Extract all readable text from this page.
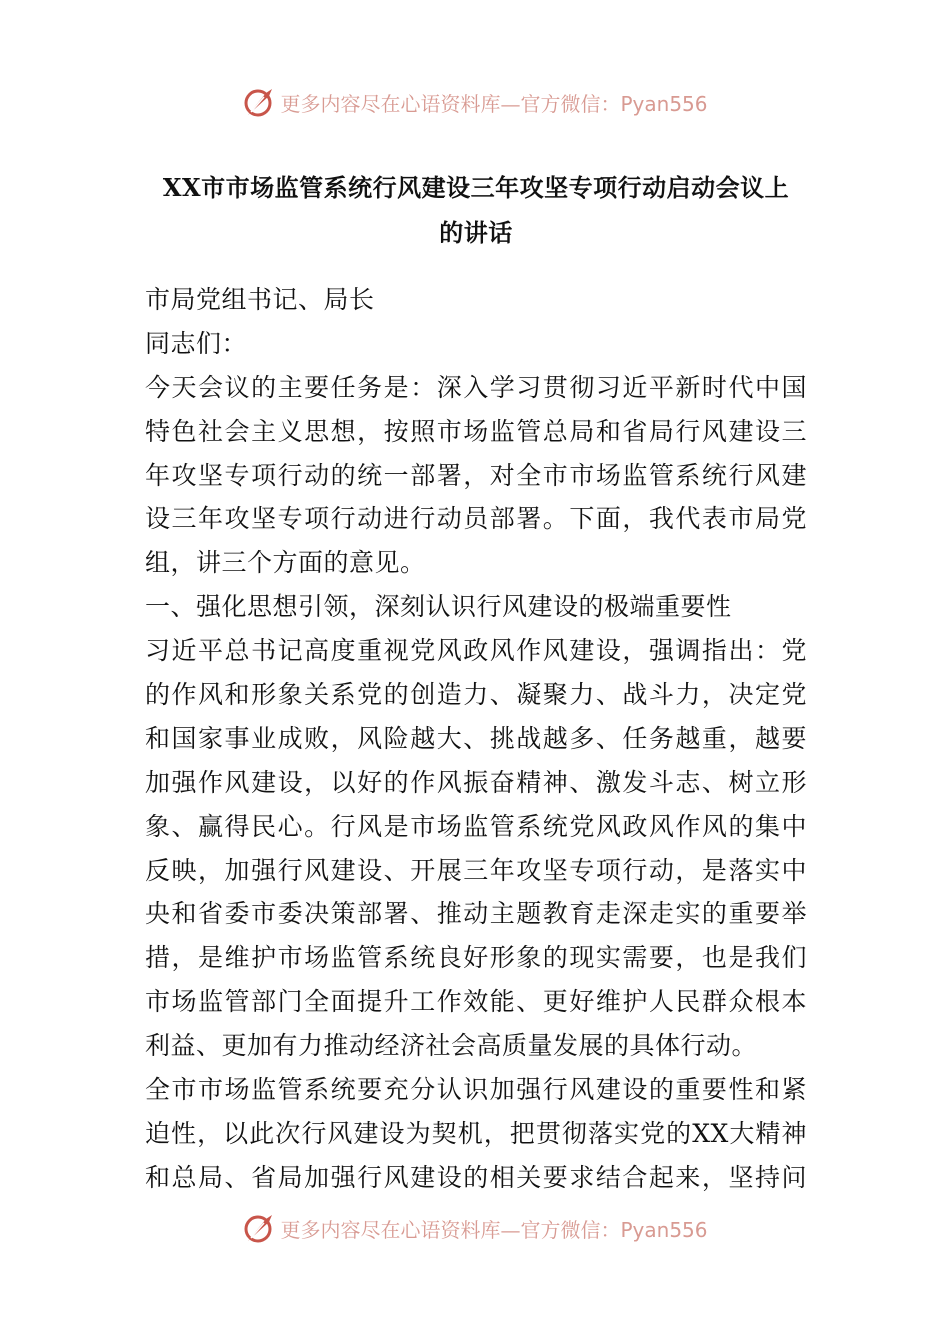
更多内容尽在心语资料库—官方微信：Pyan556
XX市市场监管系统行风建设三年攻坚专项行动启动会议上
的讲话
市局党组书记、局长
同志们：
今天会议的主要任务是：深入学习贯彻习近平新时代中国
特色社会主义思想，按照市场监管总局和省局行风建设三
年攻坚专项行动的统一部署，对全市市场监管系统行风建
设三年攻坚专项行动进行动员部署。下面，我代表市局党
组，讲三个方面的意见。
一、强化思想引领，深刻认识行风建设的极端重要性
习近平总书记高度重视党风政风作风建设，强调指出：党
的作风和形象关系党的创造力、凝聚力、战斗力，决定党
和国家事业成败，风险越大、挑战越多、任务越重，越要
加强作风建设，以好的作风振奋精神、激发斗志、树立形
象、赢得民心。行风是市场监管系统党风政风作风的集中
反映，加强行风建设、开展三年攻坚专项行动，是落实中
央和省委市委决策部署、推动主题教育走深走实的重要举
措，是维护市场监管系统良好形象的现实需要，也是我们
市场监管部门全面提升工作效能、更好维护人民群众根本
利益、更加有力推动经济社会高质量发展的具体行动。
全市市场监管系统要充分认识加强行风建设的重要性和紧
迫性，以此次行风建设为契机，把贯彻落实党的XX大精神
和总局、省局加强行风建设的相关要求结合起来，坚持问
更多内容尽在心语资料库—官方微信：Pyan556
